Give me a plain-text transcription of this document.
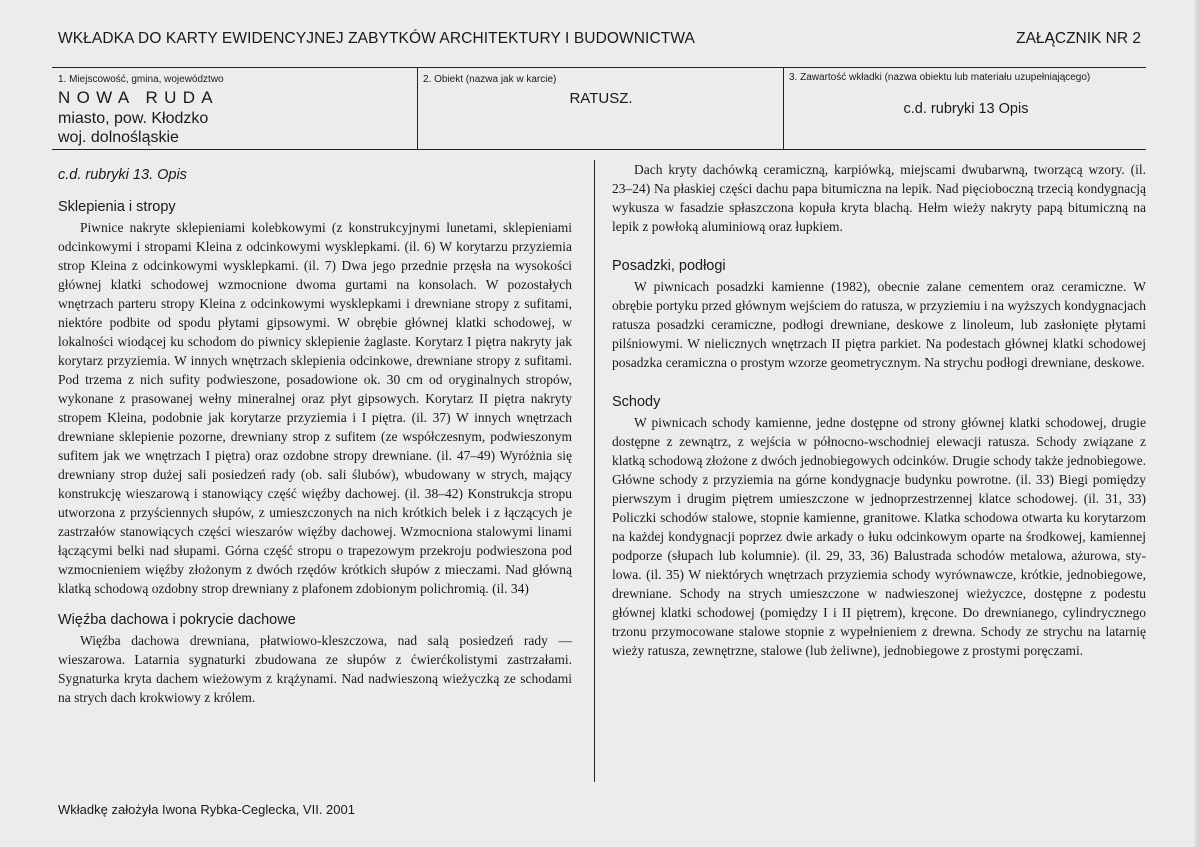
WKŁADKA DO KARTY EWIDENCYJNEJ ZABYTKÓW ARCHITEKTURY I BUDOWNICTWA	ZAŁĄCZNIK NR 2
1. Miejscowość, gmina, województwo
NOWA RUDA
miasto, pow. Kłodzko
woj. dolnośląskie
2. Obiekt (nazwa jak w karcie)
RATUSZ.
3. Zawartość wkładki (nazwa obiektu lub materiału uzupełniającego)
c.d. rubryki 13 Opis
c.d. rubryki 13. Opis
Sklepienia i stropy

Piwnice nakryte sklepieniami kolebkowymi (z konstrukcyjnymi lunetami, sklepieniami odcinkowymi i stropami Kleina z odcinkowymi wysklepkami. (il. 6) W korytarzu przyziemia strop Kleina z odcinkowymi wysklepkami. (il. 7) Dwa jego przednie przęsła na wysokości głównej klatki schodowej wzmocnione dwoma gurtami na konsolach. W pozostałych wnętrzach parteru stropy Kleina z odcinkowymi wysklepkami i drewniane stropy z sufitami, niektóre podbite od spodu płytami gipsowymi. W obrębie głównej klatki schodowej, w lokalności wiodącej ku schodom do piwnicy sklepienie żaglaste. Korytarz I piętra nakryty jak korytarz przyziemia. W innych wnętrzach sklepienia odcinkowe, drewniane stropy z sufitami. Pod trzema z nich sufity podwieszone, posadowione ok. 30 cm od oryginalnych stropów, wykonane z prasowanej wełny mineralnej oraz płyt gipsowych. Korytarz II piętra nakryty stropem Kleina, podobnie jak korytarze przyziemia i I piętra. (il. 37) W innych wnętrzach drewniane sklepienie pozorne, drewniany strop z sufitem (ze współczesnym, podwieszonym sufitem jak we wnętrzach I piętra) oraz ozdobne stropy drewniane. (il. 47–49) Wyróżnia się drewniany strop dużej sali posiedzeń rady (ob. sali ślubów), wbudowany w strych, mający konstrukcję wieszarową i stanowiący część więźby dachowej. (il. 38–42) Konstrukcja stropu utworzona z przyściennych słupów, z umieszczonych na nich krótkich belek i z łączących je zastrzałów stanowiących części wieszarów więźby dachowej. Wzmocniona stalowymi linami łączącymi belki nad słupami. Górna część stropu o trapezowym przekroju podwieszona pod wzmocnieniem więźby złożonym z dwóch rzędów krótkich słupów z mieczami. Nad główną klatką schodową ozdobny strop drewniany z plafonem zdobionym polichromią. (il. 34)

Więźba dachowa i pokrycie dachowe

Więźba dachowa drewniana, płatwiowo-kleszczowa, nad salą posiedzeń rady — wieszarowa. Latarnia sygnaturki zbudowana ze słupów z ćwierćkolistymi zastrzałami. Sygnaturka kryta dachem wieżowym z krążynami. Nad nadwieszoną wieżyczką ze schodami na strych dach krokwiowy z królem.

Dach kryty dachówką ceramiczną, karpiówką, miejscami dwubarwną, tworzącą wzory. (il. 23–24) Na płaskiej części dachu papa bitumiczna na lepik. Nad pięcioboczną trzecią kondygnacją wykusza w fasadzie spłaszczona kopuła kryta blachą. Hełm wieży nakryty papą bitumiczną na lepik z powłoką aluminiową oraz łupkiem.

Posadzki, podłogi

W piwnicach posadzki kamienne (1982), obecnie zalane cementem oraz ceramiczne. W obrębie portyku przed głównym wejściem do ratusza, w przyziemiu i na wyższych kondygnacjach ratusza posadzki ceramiczne, podłogi drewniane, deskowe z linoleum, lub zasłonięte płytami pilśniowymi. W nielicznych wnętrzach II piętra parkiet. Na podestach głównej klatki schodowej posadzka ceramiczna o prostym wzorze geometrycznym. Na strychu podłogi drewniane, deskowe.

Schody

W piwnicach schody kamienne, jedne dostępne od strony głównej klatki schodowej, drugie dostępne z zewnątrz, z wejścia w północno-wschodniej elewacji ratusza. Schody związane z klatką schodową złożone z dwóch jednobiegowych odcinków. Drugie schody także jednobiegowe. Główne schody z przyziemia na górne kondygnacje budynku powrotne. (il. 33) Biegi pomiędzy pierwszym i drugim piętrem umieszczone w jednoprzestrzennej klatce schodowej. (il. 31, 33) Policzki schodów stalowe, stopnie kamienne, granitowe. Klatka schodowa otwarta ku korytarzom na każdej kondygnacji poprzez dwie arkady o łuku odcinkowym oparte na środkowej, kamiennej podporze (słupach lub kolumnie). (il. 29, 33, 36) Balustrada schodów metalowa, ażurowa, stylowa. (il. 35) W niektórych wnętrzach przyziemia schody wyrównawcze, krótkie, jednobiegowe, drewniane. Schody na strych umieszczone w nadwieszonej wieżyczce, dostępne z podestu głównej klatki schodowej (pomiędzy I i II piętrem), kręcone. Do drewnianego, cylindrycznego trzonu przymocowane stalowe stopnie z wypełnieniem z drewna. Schody ze strychu na latarnię wieży ratusza, zewnętrzne, stalowe (lub żeliwne), jednobiegowe z prostymi poręczami.

Wkładkę założyła Iwona Rybka-Ceglecka, VII. 2001
